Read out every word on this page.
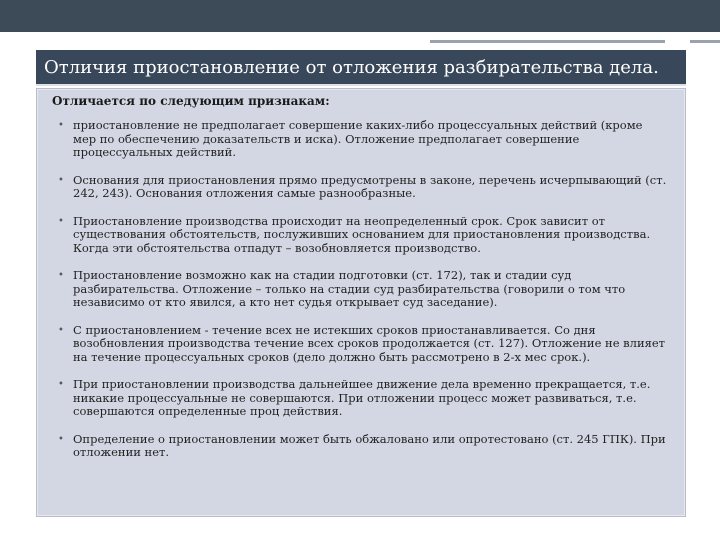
Отличия приостановление от отложения разбирательства дела.
Отличается по следующим признакам:
• приостановление не предполагает совершение каких-либо процессуальных действий (кроме мер по обеспечению доказательств и иска). Отложение предполагает совершение процессуальных действий.
• Основания для приостановления прямо предусмотрены в законе, перечень исчерпывающий (ст. 242, 243). Основания отложения самые разнообразные.
• Приостановление производства происходит на неопределенный срок. Срок зависит от существования обстоятельств, послуживших основанием для приостановления производства. Когда эти обстоятельства отпадут – возобновляется производство.
• Приостановление возможно как на стадии подготовки (ст. 172), так и стадии суд разбирательства. Отложение – только на стадии суд разбирательства (говорили о том что независимо от кто явился, а кто нет судья открывает суд заседание).
• С приостановлением - течение всех не истекших сроков приостанавливается. Со дня возобновления производства течение всех сроков продолжается (ст. 127). Отложение не влияет на течение процессуальных сроков (дело должно быть рассмотрено в 2-х мес срок.).
• При приостановлении производства дальнейшее движение дела временно прекращается, т.е. никакие процессуальные не совершаются. При отложении процесс может развиваться, т.е. совершаются определенные проц действия.
• Определение о приостановлении может быть обжаловано или опротестовано (ст. 245 ГПК). При отложении нет.
